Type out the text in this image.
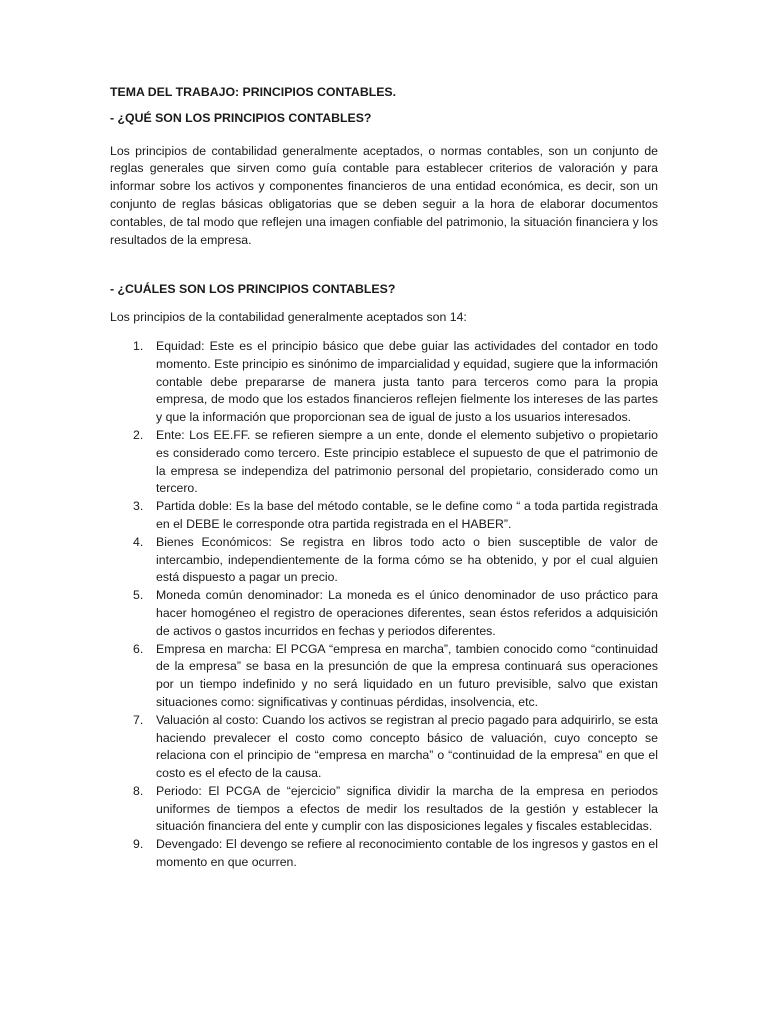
TEMA DEL TRABAJO: PRINCIPIOS CONTABLES.

- ¿QUÉ SON LOS PRINCIPIOS CONTABLES?

Los principios de contabilidad generalmente aceptados, o normas contables, son un conjunto de reglas generales que sirven como guía contable para establecer criterios de valoración y para informar sobre los activos y componentes financieros de una entidad económica, es decir, son un conjunto de reglas básicas obligatorias que se deben seguir a la hora de elaborar documentos contables, de tal modo que reflejen una imagen confiable del patrimonio, la situación financiera y los resultados de la empresa.

- ¿CUÁLES SON LOS PRINCIPIOS CONTABLES?

Los principios de la contabilidad generalmente aceptados son 14:

1. Equidad: Este es el principio básico que debe guiar las actividades del contador en todo momento. Este principio es sinónimo de imparcialidad y equidad, sugiere que la información contable debe prepararse de manera justa tanto para terceros como para la propia empresa, de modo que los estados financieros reflejen fielmente los intereses de las partes y que la información que proporcionan sea de igual de justo a los usuarios interesados.
2. Ente: Los EE.FF. se refieren siempre a un ente, donde el elemento subjetivo o propietario es considerado como tercero. Este principio establece el supuesto de que el patrimonio de la empresa se independiza del patrimonio personal del propietario, considerado como un tercero.
3. Partida doble: Es la base del método contable, se le define como “ a toda partida registrada en el DEBE le corresponde otra partida registrada en el HABER”.
4. Bienes Económicos: Se registra en libros todo acto o bien susceptible de valor de intercambio, independientemente de la forma cómo se ha obtenido, y por el cual alguien está dispuesto a pagar un precio.
5. Moneda común denominador: La moneda es el único denominador de uso práctico para hacer homogéneo el registro de operaciones diferentes, sean éstos referidos a adquisición de activos o gastos incurridos en fechas y periodos diferentes.
6. Empresa en marcha: El PCGA “empresa en marcha”, tambien conocido como “continuidad de la empresa” se basa en la presunción de que la empresa continuará sus operaciones por un tiempo indefinido y no será liquidado en un futuro previsible, salvo que existan situaciones como: significativas y continuas pérdidas, insolvencia, etc.
7. Valuación al costo: Cuando los activos se registran al precio pagado para adquirirlo, se esta haciendo prevalecer el costo como concepto básico de valuación, cuyo concepto se relaciona con el principio de “empresa en marcha” o “continuidad de la empresa” en que el costo es el efecto de la causa.
8. Periodo: El PCGA de “ejercicio” significa dividir la marcha de la empresa en periodos uniformes de tiempos a efectos de medir los resultados de la gestión y establecer la situación financiera del ente y cumplir con las disposiciones legales y fiscales establecidas.
9. Devengado: El devengo se refiere al reconocimiento contable de los ingresos y gastos en el momento en que ocurren.
